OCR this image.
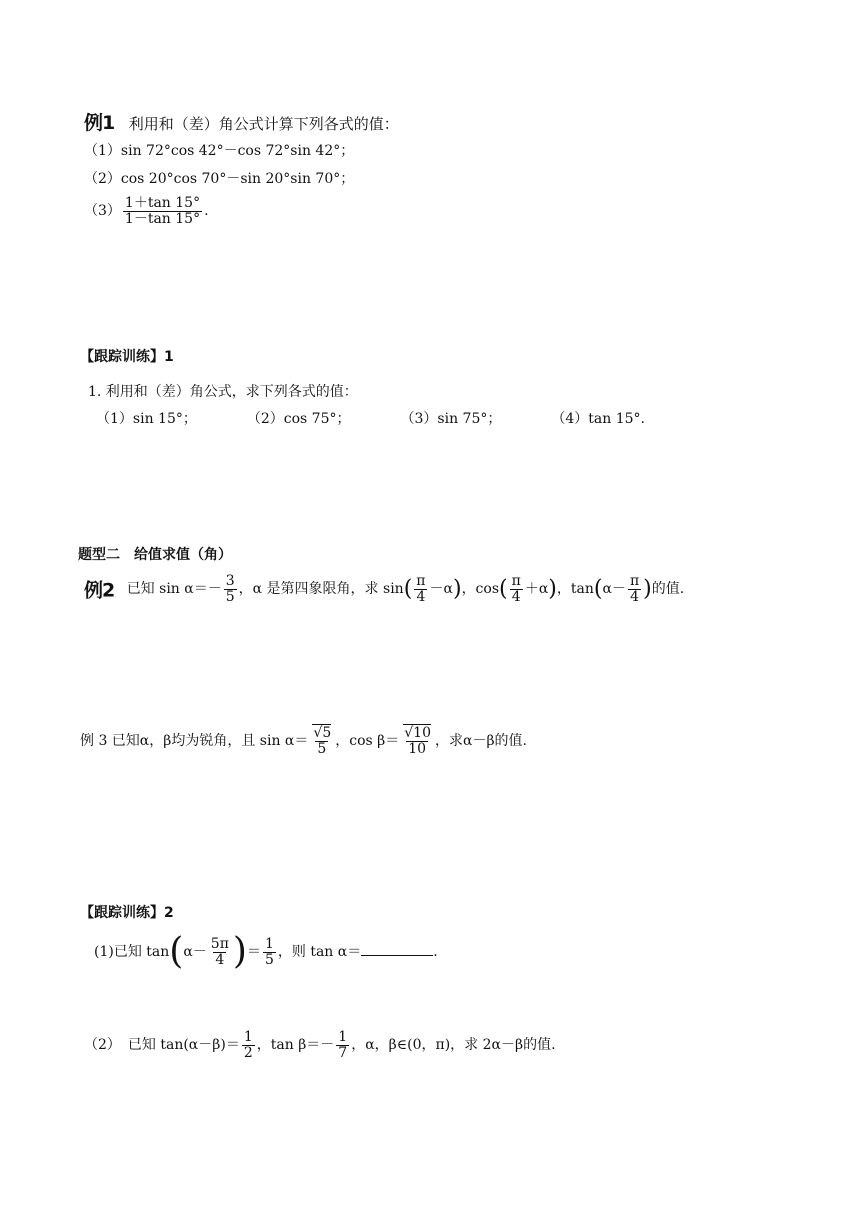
例1 利用和（差）角公式计算下列各式的值：
（1）sin 72°cos 42°－cos 72°sin 42°；
（2）cos 20°cos 70°－sin 20°sin 70°；
$(3) \frac{1+\tan 15^\circ}{1-\tan 15^\circ}$ .
【跟踪训练】1
1. 利用和（差）角公式，求下列各式的值：
（1）sin 15°；	（2）cos 75°；	（3）sin 75°；	（4）tan 15°.
题型二　给值求值（角）
例2 已知 $\sin \alpha=- \frac{3}{5}$ ，α 是第四象限角，求 $\sin( \frac{\pi}{4} -\alpha)$，$\cos( \frac{\pi}{4} +\alpha)$，$\tan(\alpha- \frac{\pi}{4}$ )的值.
例 3 已知α，β均为锐角，且 sin α＝ √ $\frac{5}{5}$ ，cos β＝ √ $\frac{10}{10}$ ，求α－β的值.
【跟踪训练】2
(1)已知 $\tan(\alpha- \frac{5\pi}{4}$ )＝ $\frac{1}{5}$ ，则 tan α＝	.
（2）　已知 $\tan(\alpha-\beta)= \frac{1}{2}$ ，$\tan \beta=- \frac{1}{7}$ ，α，β∈(0，π)，求 2α－β的值.
